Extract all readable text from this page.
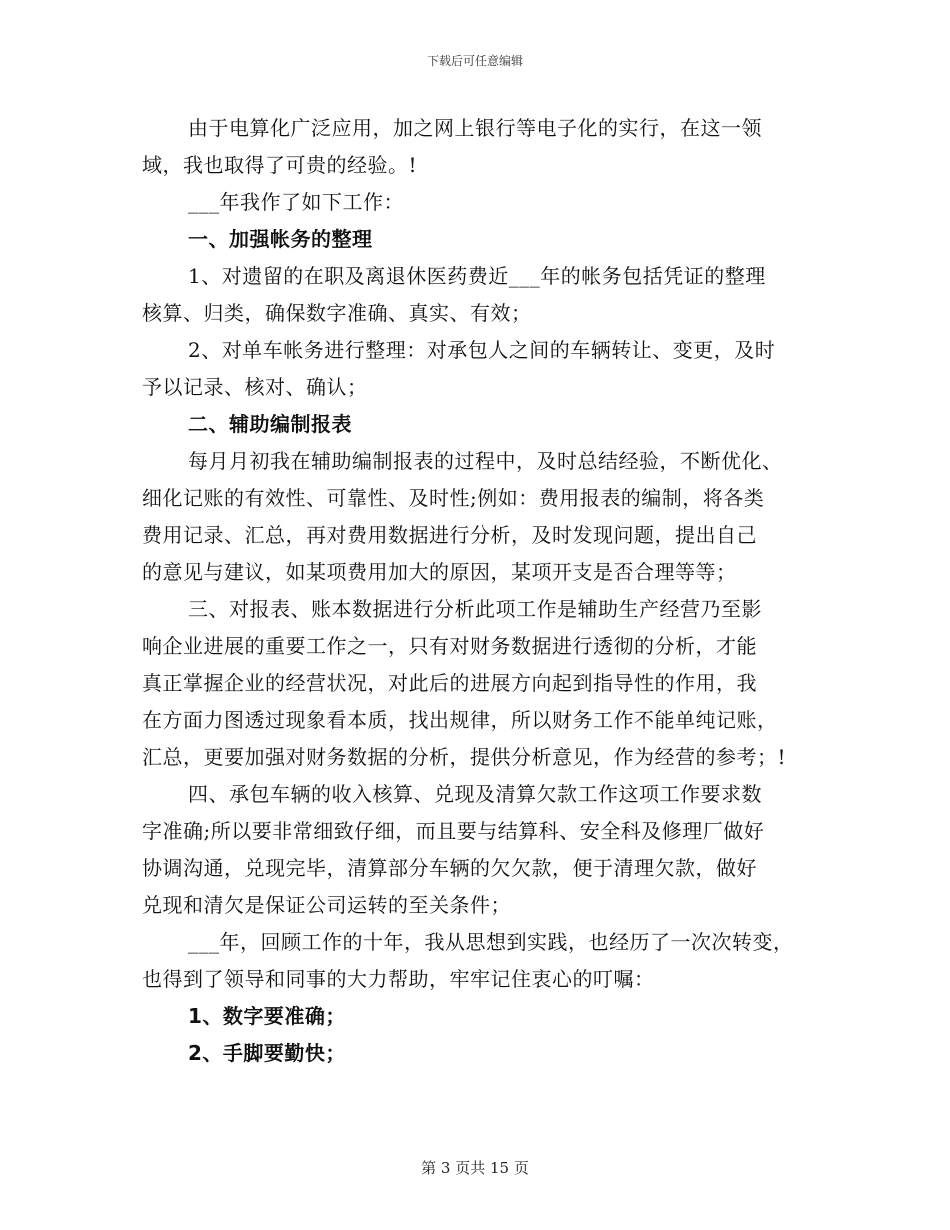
下载后可任意编辑
由于电算化广泛应用，加之网上银行等电子化的实行，在这一领
域，我也取得了可贵的经验。!
___年我作了如下工作：
一、加强帐务的整理
1、对遗留的在职及离退休医药费近___年的帐务包括凭证的整理
核算、归类，确保数字准确、真实、有效；
2、对单车帐务进行整理：对承包人之间的车辆转让、变更，及时
予以记录、核对、确认；
二、辅助编制报表
每月月初我在辅助编制报表的过程中，及时总结经验，不断优化、
细化记账的有效性、可靠性、及时性;例如：费用报表的编制，将各类
费用记录、汇总，再对费用数据进行分析，及时发现问题，提出自己
的意见与建议，如某项费用加大的原因，某项开支是否合理等等；
三、对报表、账本数据进行分析此项工作是辅助生产经营乃至影
响企业进展的重要工作之一，只有对财务数据进行透彻的分析，才能
真正掌握企业的经营状况，对此后的进展方向起到指导性的作用，我
在方面力图透过现象看本质，找出规律，所以财务工作不能单纯记账，
汇总，更要加强对财务数据的分析，提供分析意见，作为经营的参考；!
四、承包车辆的收入核算、兑现及清算欠款工作这项工作要求数
字准确;所以要非常细致仔细，而且要与结算科、安全科及修理厂做好
协调沟通，兑现完毕，清算部分车辆的欠欠款，便于清理欠款，做好
兑现和清欠是保证公司运转的至关条件；
___年，回顾工作的十年，我从思想到实践，也经历了一次次转变，
也得到了领导和同事的大力帮助，牢牢记住衷心的叮嘱：
1、数字要准确；
2、手脚要勤快；
第 3 页共 15 页
